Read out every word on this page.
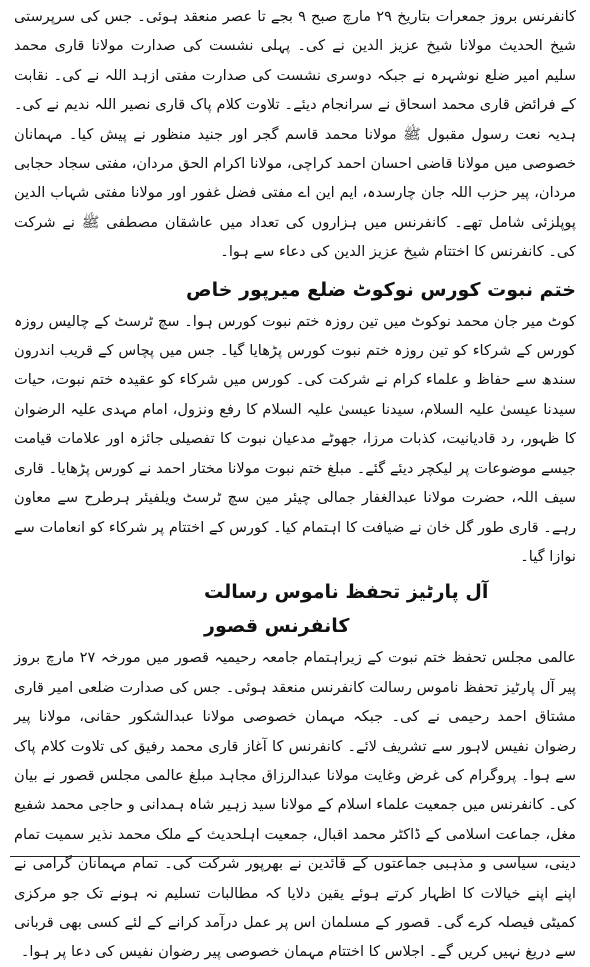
کانفرنس بروز جمعرات بتاریخ ۲۹ مارچ صبح ۹ بجے تا عصر منعقد ہوئی۔ جس کی سرپرستی شیخ الحدیث مولانا شیخ عزیز الدین نے کی۔ پہلی نشست کی صدارت مولانا قاری محمد سلیم امیر ضلع نوشہرہ نے جبکہ دوسری نشست کی صدارت مفتی ازہد اللہ نے کی۔ نقابت کے فرائض قاری محمد اسحاق نے سرانجام دیئے۔ تلاوت کلام پاک قاری نصیر اللہ ندیم نے کی۔ ہدیہ نعت رسول مقبول ﷺ مولانا محمد قاسم گجر اور جنید منظور نے پیش کیا۔ مہمانان خصوصی میں مولانا قاضی احسان احمد کراچی، مولانا اکرام الحق مردان، مفتی سجاد حجابی مردان، پیر حزب اللہ جان چارسدہ، ایم این اے مفتی فضل غفور اور مولانا مفتی شہاب الدین پوپلزئی شامل تھے۔ کانفرنس میں ہزاروں کی تعداد میں عاشقان مصطفی ﷺ نے شرکت کی۔ کانفرنس کا اختتام شیخ عزیز الدین کی دعاء سے ہوا۔

ختم نبوت کورس نوکوٹ ضلع میرپور خاص

کوٹ میر جان محمد نوکوٹ میں تین روزہ ختم نبوت کورس ہوا۔ سچ ٹرسٹ کے چالیس روزہ کورس کے شرکاء کو تین روزہ ختم نبوت کورس پڑھایا گیا۔ جس میں پچاس کے قریب اندرون سندھ سے حفاظ و علماء کرام نے شرکت کی۔ کورس میں شرکاء کو عقیدہ ختم نبوت، حیات سیدنا عیسیٰ علیہ السلام، سیدنا عیسیٰ علیہ السلام کا رفع ونزول، امام مہدی علیہ الرضوان کا ظہور، رد قادیانیت، کذبات مرزا، جھوٹے مدعیان نبوت کا تفصیلی جائزہ اور علامات قیامت جیسے موضوعات پر لیکچر دیئے گئے۔ مبلغ ختم نبوت مولانا مختار احمد نے کورس پڑھایا۔ قاری سیف اللہ، حضرت مولانا عبدالغفار جمالی چیئر مین سچ ٹرسٹ ویلفیئر ہرطرح سے معاون رہے۔ قاری طور گل خان نے ضیافت کا اہتمام کیا۔ کورس کے اختتام پر شرکاء کو انعامات سے نوازا گیا۔

آل پارٹیز تحفظ ناموس رسالت کانفرنس قصور

عالمی مجلس تحفظ ختم نبوت کے زیراہتمام جامعہ رحیمیہ قصور میں مورخہ ۲۷ مارچ بروز پیر آل پارٹیز تحفظ ناموس رسالت کانفرنس منعقد ہوئی۔ جس کی صدارت ضلعی امیر قاری مشتاق احمد رحیمی نے کی۔ جبکہ مہمان خصوصی مولانا عبدالشکور حقانی، مولانا پیر رضوان نفیس لاہور سے تشریف لائے۔ کانفرنس کا آغاز قاری محمد رفیق کی تلاوت کلام پاک سے ہوا۔ پروگرام کی غرض وغایت مولانا عبدالرزاق مجاہد مبلغ عالمی مجلس قصور نے بیان کی۔ کانفرنس میں جمعیت علماء اسلام کے مولانا سید زہیر شاہ ہمدانی و حاجی محمد شفیع مغل، جماعت اسلامی کے ڈاکٹر محمد اقبال، جمعیت اہلحدیث کے ملک محمد نذیر سمیت تمام دینی، سیاسی و مذہبی جماعتوں کے قائدین نے بھرپور شرکت کی۔ تمام مہمانان گرامی نے اپنے اپنے خیالات کا اظہار کرتے ہوئے یقین دلایا کہ مطالبات تسلیم نہ ہونے تک جو مرکزی کمیٹی فیصلہ کرے گی۔ قصور کے مسلمان اس پر عمل درآمد کرانے کے لئے کسی بھی قربانی سے دریغ نہیں کریں گے۔ اجلاس کا اختتام مہمان خصوصی پیر رضوان نفیس کی دعا پر ہوا۔
